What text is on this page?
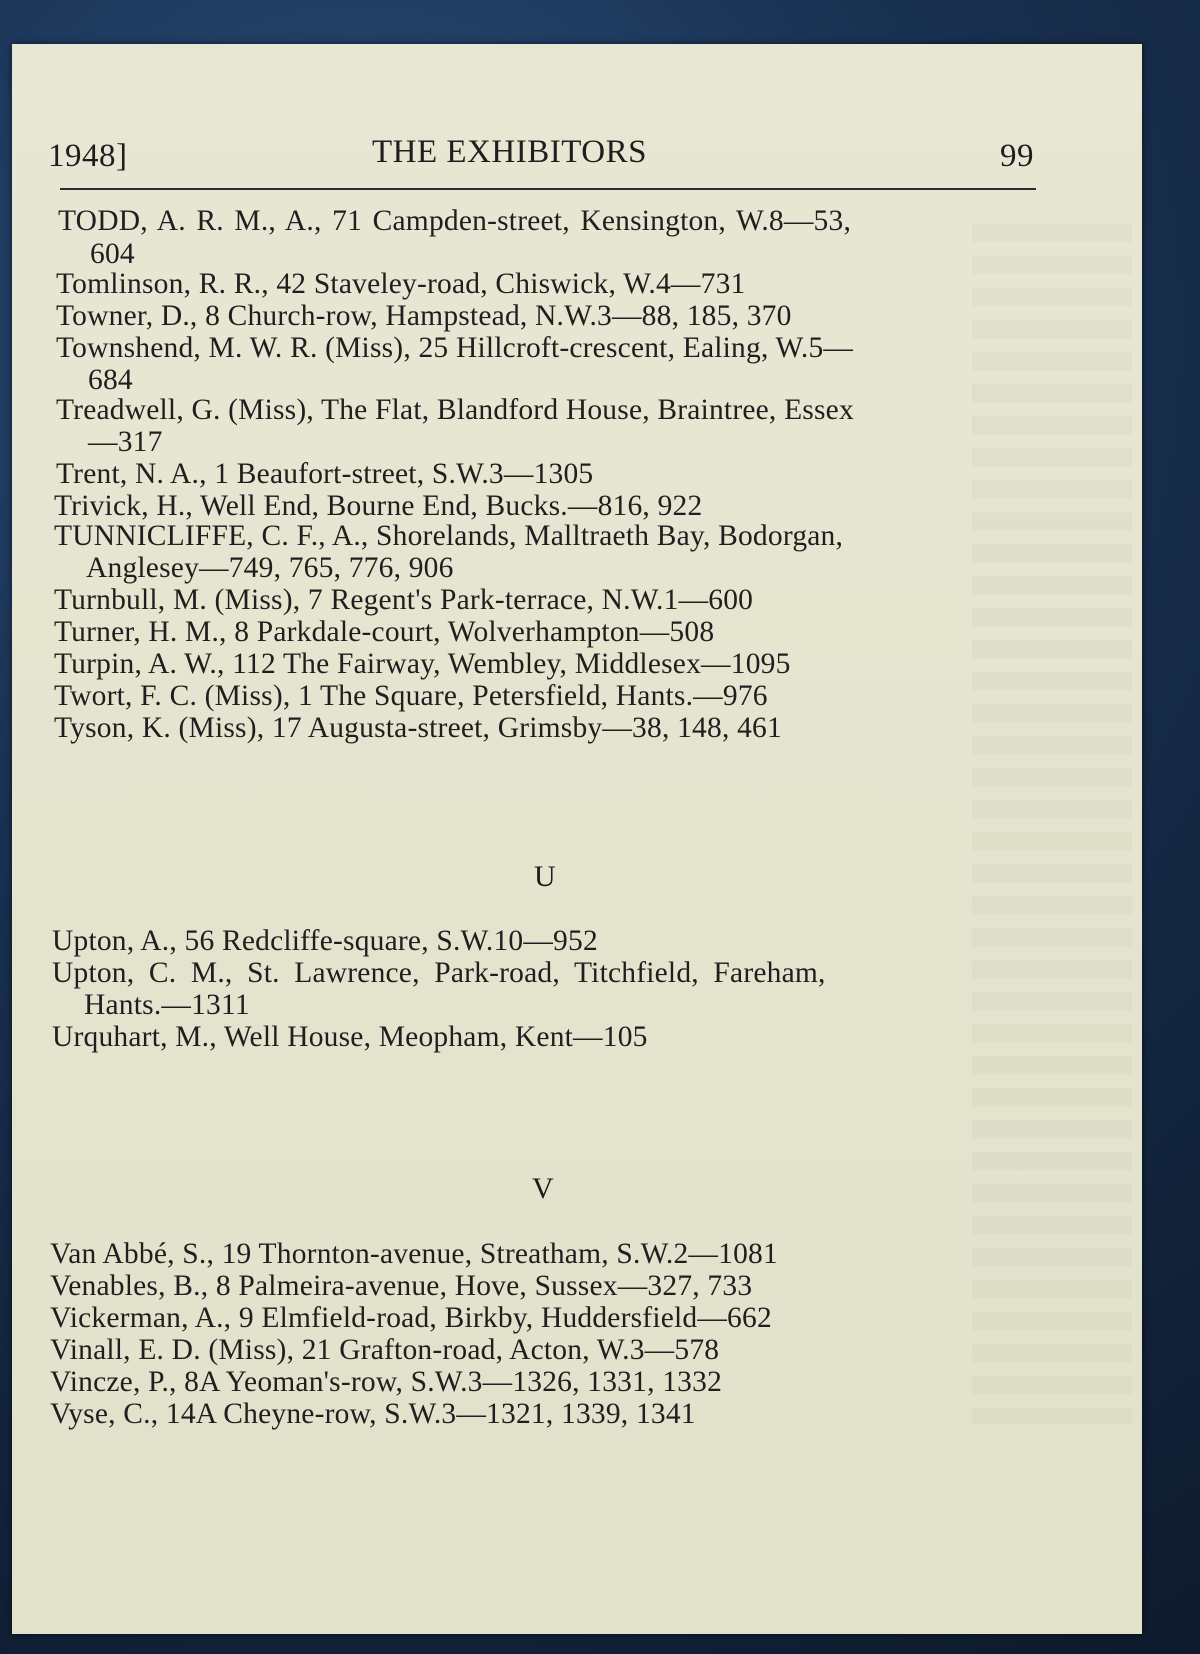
1948]	THE EXHIBITORS	99
TODD, A. R. M., A., 71 Campden-street, Kensington, W.8—53,
604
Tomlinson, R. R., 42 Staveley-road, Chiswick, W.4—731
Towner, D., 8 Church-row, Hampstead, N.W.3—88, 185, 370
Townshend, M. W. R. (Miss), 25 Hillcroft-crescent, Ealing, W.5—
684
Treadwell, G. (Miss), The Flat, Blandford House, Braintree, Essex
—317
Trent, N. A., 1 Beaufort-street, S.W.3—1305
Trivick, H., Well End, Bourne End, Bucks.—816, 922
TUNNICLIFFE, C. F., A., Shorelands, Malltraeth Bay, Bodorgan,
Anglesey—749, 765, 776, 906
Turnbull, M. (Miss), 7 Regent's Park-terrace, N.W.1—600
Turner, H. M., 8 Parkdale-court, Wolverhampton—508
Turpin, A. W., 112 The Fairway, Wembley, Middlesex—1095
Twort, F. C. (Miss), 1 The Square, Petersfield, Hants.—976
Tyson, K. (Miss), 17 Augusta-street, Grimsby—38, 148, 461
U
Upton, A., 56 Redcliffe-square, S.W.10—952
Upton, C. M., St. Lawrence, Park-road, Titchfield, Fareham,
Hants.—1311
Urquhart, M., Well House, Meopham, Kent—105
V
Van Abbé, S., 19 Thornton-avenue, Streatham, S.W.2—1081
Venables, B., 8 Palmeira-avenue, Hove, Sussex—327, 733
Vickerman, A., 9 Elmfield-road, Birkby, Huddersfield—662
Vinall, E. D. (Miss), 21 Grafton-road, Acton, W.3—578
Vincze, P., 8A Yeoman's-row, S.W.3—1326, 1331, 1332
Vyse, C., 14A Cheyne-row, S.W.3—1321, 1339, 1341
